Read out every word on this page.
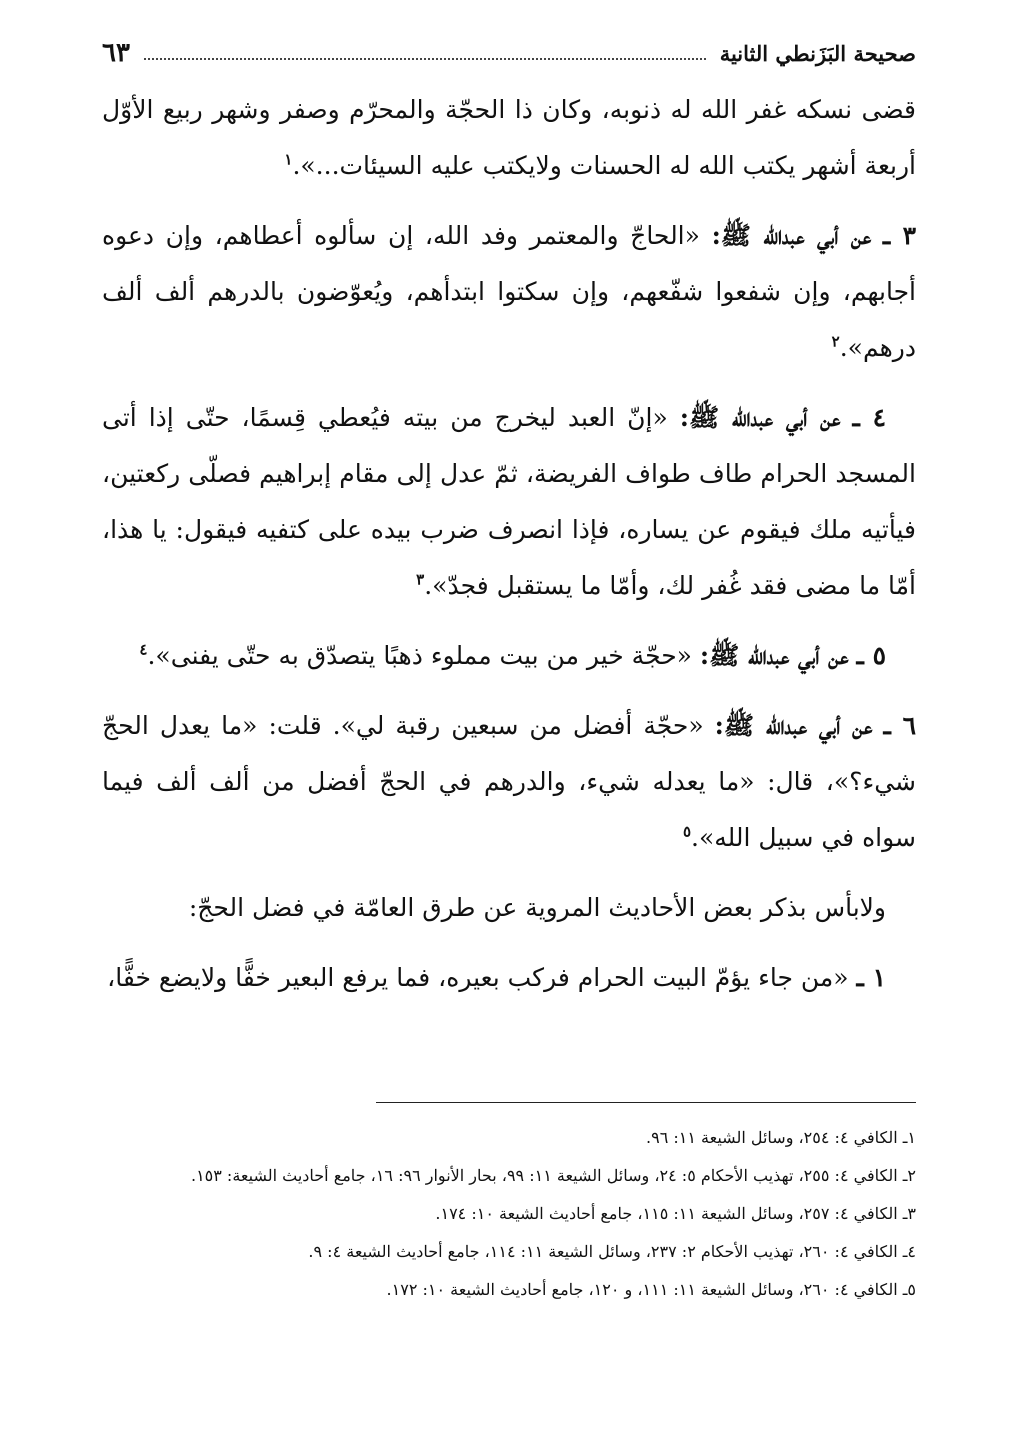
صحيحة البَزَنطي الثانية
٦٣

قضى نسكه غفر الله له ذنوبه، وكان ذا الحجّة والمحرّم وصفر وشهر ربيع الأوّل أربعة أشهر يكتب الله له الحسنات ولايكتب عليه السيئات...».$^١$

٣ ـ عن أبي عبدالله ﷺ: «الحاجّ والمعتمر وفد الله، إن سألوه أعطاهم، وإن دعوه أجابهم، وإن شفعوا شفّعهم، وإن سكتوا ابتدأهم، ويُعوّضون بالدرهم ألف ألف درهم».$^٢$

٤ ـ عن أبي عبدالله ﷺ: «إنّ العبد ليخرج من بيته فيُعطي قِسمًا، حتّى إذا أتى المسجد الحرام طاف طواف الفريضة، ثمّ عدل إلى مقام إبراهيم فصلّى ركعتين، فيأتيه ملك فيقوم عن يساره، فإذا انصرف ضرب بيده على كتفيه فيقول: يا هذا، أمّا ما مضى فقد غُفر لك، وأمّا ما يستقبل فجدّ».$^٣$

٥ ـ عن أبي عبدالله ﷺ: «حجّة خير من بيت مملوء ذهبًا يتصدّق به حتّى يفنى».$^٤$

٦ ـ عن أبي عبدالله ﷺ: «حجّة أفضل من سبعين رقبة لي». قلت: «ما يعدل الحجّ شيء؟»، قال: «ما يعدله شيء، والدرهم في الحجّ أفضل من ألف ألف فيما سواه في سبيل الله».$^٥$

ولابأس بذكر بعض الأحاديث المروية عن طرق العامّة في فضل الحجّ:

١ ـ «من جاء يؤمّ البيت الحرام فركب بعيره، فما يرفع البعير خفًّا ولايضع خفًّا،

١ـ الكافي ٤: ٢٥٤، وسائل الشيعة ١١: ٩٦.

٢ـ الكافي ٤: ٢٥٥، تهذيب الأحكام ٥: ٢٤، وسائل الشيعة ١١: ٩٩، بحار الأنوار ٩٦: ١٦، جامع أحاديث الشيعة: ١٥٣.

٣ـ الكافي ٤: ٢٥٧، وسائل الشيعة ١١: ١١٥، جامع أحاديث الشيعة ١٠: ١٧٤.

٤ـ الكافي ٤: ٢٦٠، تهذيب الأحكام ٢: ٢٣٧، وسائل الشيعة ١١: ١١٤، جامع أحاديث الشيعة ٤: ٩.

٥ـ الكافي ٤: ٢٦٠، وسائل الشيعة ١١: ١١١، و ١٢٠، جامع أحاديث الشيعة ١٠: ١٧٢.
